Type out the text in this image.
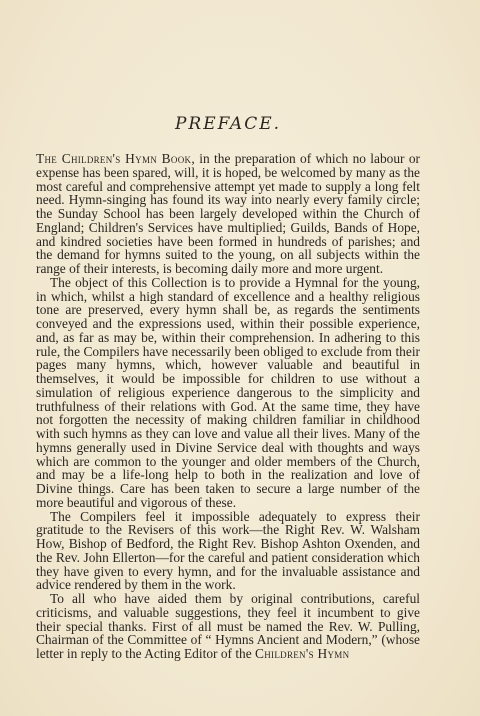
PREFACE.

The Children's Hymn Book, in the preparation of which no labour or expense has been spared, will, it is hoped, be welcomed by many as the most careful and comprehensive attempt yet made to supply a long felt need. Hymn-singing has found its way into nearly every family circle; the Sunday School has been largely developed within the Church of England; Children's Services have multiplied; Guilds, Bands of Hope, and kindred societies have been formed in hundreds of parishes; and the demand for hymns suited to the young, on all subjects within the range of their interests, is becoming daily more and more urgent.

The object of this Collection is to provide a Hymnal for the young, in which, whilst a high standard of excellence and a healthy religious tone are preserved, every hymn shall be, as regards the sentiments conveyed and the expressions used, within their possible experience, and, as far as may be, within their comprehension. In adhering to this rule, the Compilers have necessarily been obliged to exclude from their pages many hymns, which, however valuable and beautiful in themselves, it would be impossible for children to use without a simulation of religious experience dangerous to the simplicity and truthfulness of their relations with God. At the same time, they have not forgotten the necessity of making children familiar in childhood with such hymns as they can love and value all their lives. Many of the hymns generally used in Divine Service deal with thoughts and ways which are common to the younger and older members of the Church, and may be a life-long help to both in the realization and love of Divine things. Care has been taken to secure a large number of the more beautiful and vigorous of these.

The Compilers feel it impossible adequately to express their gratitude to the Revisers of this work—the Right Rev. W. Walsham How, Bishop of Bedford, the Right Rev. Bishop Ashton Oxenden, and the Rev. John Ellerton—for the careful and patient consideration which they have given to every hymn, and for the invaluable assistance and advice rendered by them in the work.

To all who have aided them by original contributions, careful criticisms, and valuable suggestions, they feel it incumbent to give their special thanks. First of all must be named the Rev. W. Pulling, Chairman of the Committee of “ Hymns Ancient and Modern,” (whose letter in reply to the Acting Editor of the Children's Hymn
